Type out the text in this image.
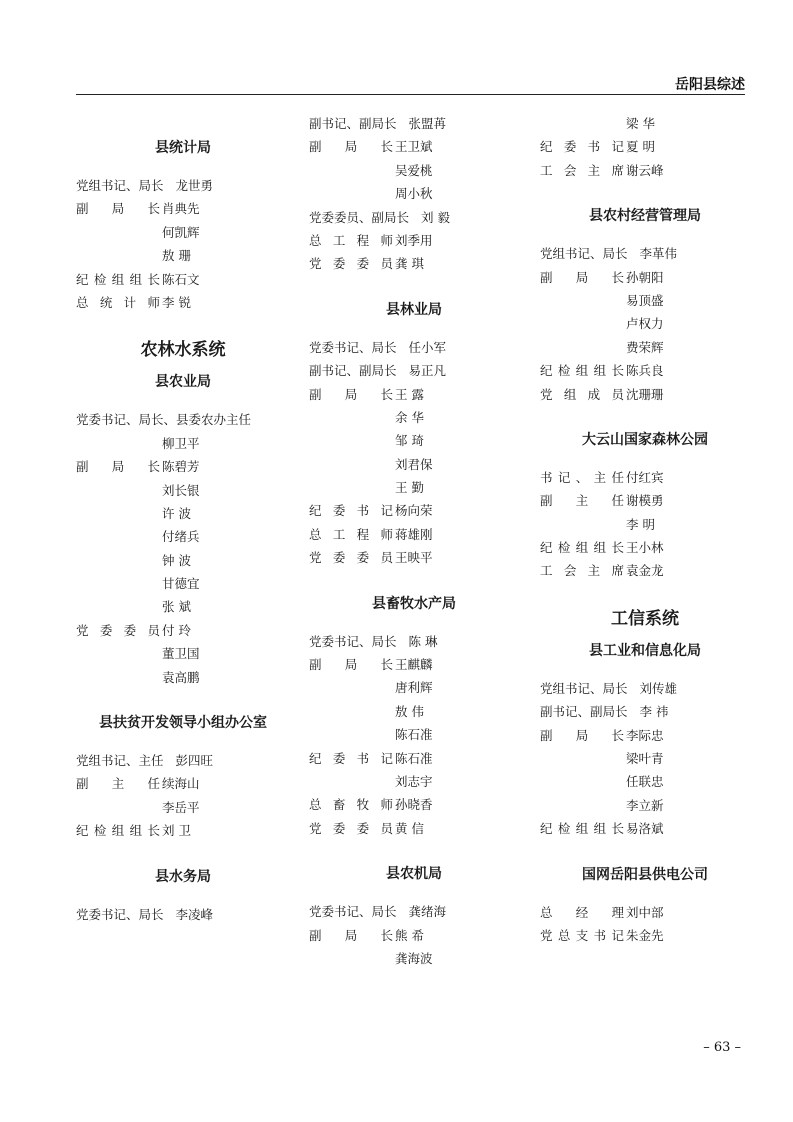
岳阳县综述
县统计局
党组书记、局长 龙世勇
副 局 长 肖典先
何凯辉
敖 珊
纪检组组长 陈石文
总统计师 李 锐
农林水系统
县农业局
党委书记、局长、县委农办主任
柳卫平
副 局 长 陈碧芳
刘长银
许 波
付绪兵
钟 波
甘德宜
张 斌
党委委员 付 玲
董卫国
袁高鹏
县扶贫开发领导小组办公室
党组书记、主任 彭四旺
副 主 任 续海山
李岳平
纪检组组长 刘 卫
县水务局
党委书记、局长 李凌峰
副书记、副局长 张盟苒
副 局 长 王卫斌
吴爱桃
周小秋
党委委员、副局长 刘 毅
总工程师 刘季用
党委委员 龚 琪
县林业局
党委书记、局长 任小军
副书记、副局长 易正凡
副 局 长 王 露
余 华
邹 琦
刘君保
王 勤
纪委书记 杨向荣
总工程师 蒋雄刚
党委委员 王映平
县畜牧水产局
党委书记、局长 陈 琳
副 局 长 王麒麟
唐利辉
敖 伟
陈石准
纪委书记 陈石准
刘志宇
总畜牧师 孙晓香
党委委员 黄 信
县农机局
党委书记、局长 龚绪海
副 局 长 熊 希
龚海波
梁 华
纪委书记 夏 明
工会主席 谢云峰
县农村经营管理局
党组书记、局长 李革伟
副 局 长 孙朝阳
易顶盛
卢权力
费荣辉
纪检组组长 陈兵良
党组成员 沈珊珊
大云山国家森林公园
书记、主任 付红宾
副 主 任 谢模勇
李 明
纪检组组长 王小林
工会主席 袁金龙
工信系统
县工业和信息化局
党组书记、局长 刘传雄
副书记、副局长 李 祎
副 局 长 李际忠
梁叶青
任联忠
李立新
纪检组组长 易洛斌
国网岳阳县供电公司
总 经 理 刘中部
党总支书记 朱金先
– 63 –
